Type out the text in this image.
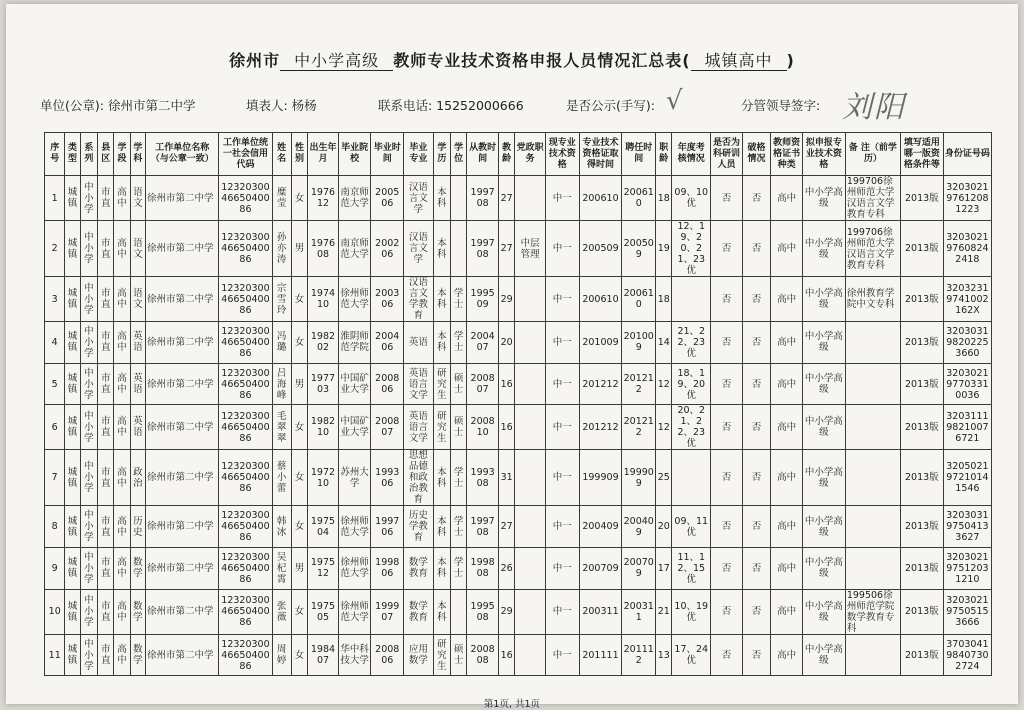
徐州市 中小学高级 教师专业技术资格申报人员情况汇总表( 城镇高中 )
单位(公章): 徐州市第二中学	填表人: 杨杨	联系电话: 15252000666	是否公示(手写): √	分管领导签字: 刘阳
序号	类型	系列	县区	学段	学科	工作单位名称（与公章一致）	工作单位统一社会信用代码	姓名	性别	出生年月	毕业院校	毕业时间	毕业专业	学历	学位	从教时间	教龄	党政职务	现专业技术资格	专业技术资格证取得时间	聘任时间	职龄	年度考核情况	是否为科研训人员	破格情况	教师资格证书种类	拟申报专业技术资格	备 注（前学历）	填写适用哪一版资格条件等	身份证号码
1	城镇	中小学	市直	高中	语文	徐州市第二中学	123203004665040086	糜莹	女	197612	南京师范大学	200506	汉语言文学	本科		199708	27		中一	200610	200610	18	09、10优	否	否	高中	中小学高级	199706徐州师范大学汉语言文学教育专科	2013版	320302197612081223
2	城镇	中小学	市直	高中	语文	徐州市第二中学	123203004665040086	孙亦涛	男	197608	南京师范大学	200206	汉语言文学	本科		199708	27	中层管理	中一	200509	200509	19	12、19、20、21、23优	否	否	高中	中小学高级	199706徐州师范大学汉语言文学教育专科	2013版	320302197608242418
3	城镇	中小学	市直	高中	语文	徐州市第二中学	123203004665040086	宗雪玲	女	197410	徐州师范大学	200306	汉语言文学教育	本科	学士	199509	29		中一	200610	200610	18		否	否	高中	中小学高级	徐州教育学院中文专科	2013版	32032319741002162X
4	城镇	中小学	市直	高中	英语	徐州市第二中学	123203004665040086	冯璐	女	198202	淮阴师范学院	200406	英语	本科	学士	200407	20		中一	201009	201009	14	21、22、23优	否	否	高中	中小学高级		2013版	320303198202253660
5	城镇	中小学	市直	高中	英语	徐州市第二中学	123203004665040086	吕海峰	男	197703	中国矿业大学	200806	英语语言文学	研究生	硕士	200807	16		中一	201212	201212	12	18、19、20优	否	否	高中	中小学高级		2013版	320302197703310036
6	城镇	中小学	市直	高中	英语	徐州市第二中学	123203004665040086	毛翠翠	女	198210	中国矿业大学	200807	英语语言文学	研究生	硕士	200810	16		中一	201212	201212	12	20、21、22、23优	否	否	高中	中小学高级		2013版	320311198210076721
7	城镇	中小学	市直	高中	政治	徐州市第二中学	123203004665040086	蔡小蕾	女	197210	苏州大学	199306	思想品德和政治教育	本科	学士	199308	31		中一	199909	199909	25		否	否	高中	中小学高级		2013版	320502197210141546
8	城镇	中小学	市直	高中	历史	徐州市第二中学	123203004665040086	韩冰	女	197504	徐州师范大学	199706	历史学教育	本科	学士	199708	27		中一	200409	200409	20	09、11优	否	否	高中	中小学高级		2013版	320303197504133627
9	城镇	中小学	市直	高中	数学	徐州市第二中学	123203004665040086	吴杞霄	男	197512	徐州师范大学	199806	数学教育	本科	学士	199808	26		中一	200709	200709	17	11、12、15优	否	否	高中	中小学高级		2013版	320302197512031210
10	城镇	中小学	市直	高中	数学	徐州市第二中学	123203004665040086	张薇	女	197505	徐州师范大学	199907	数学教育	本科		199508	29		中一	200311	200311	21	10、19优	否	否	高中	中小学高级	199506徐州师范学院数学教育专科	2013版	320302197505153666
11	城镇	中小学	市直	高中	数学	徐州市第二中学	123203004665040086	周婷	女	198407	华中科技大学	200806	应用数学	研究生	硕士	200808	16		中一	201111	201112	13	17、24优	否	否	高中	中小学高级		2013版	370304198407302724
第1页, 共1页
